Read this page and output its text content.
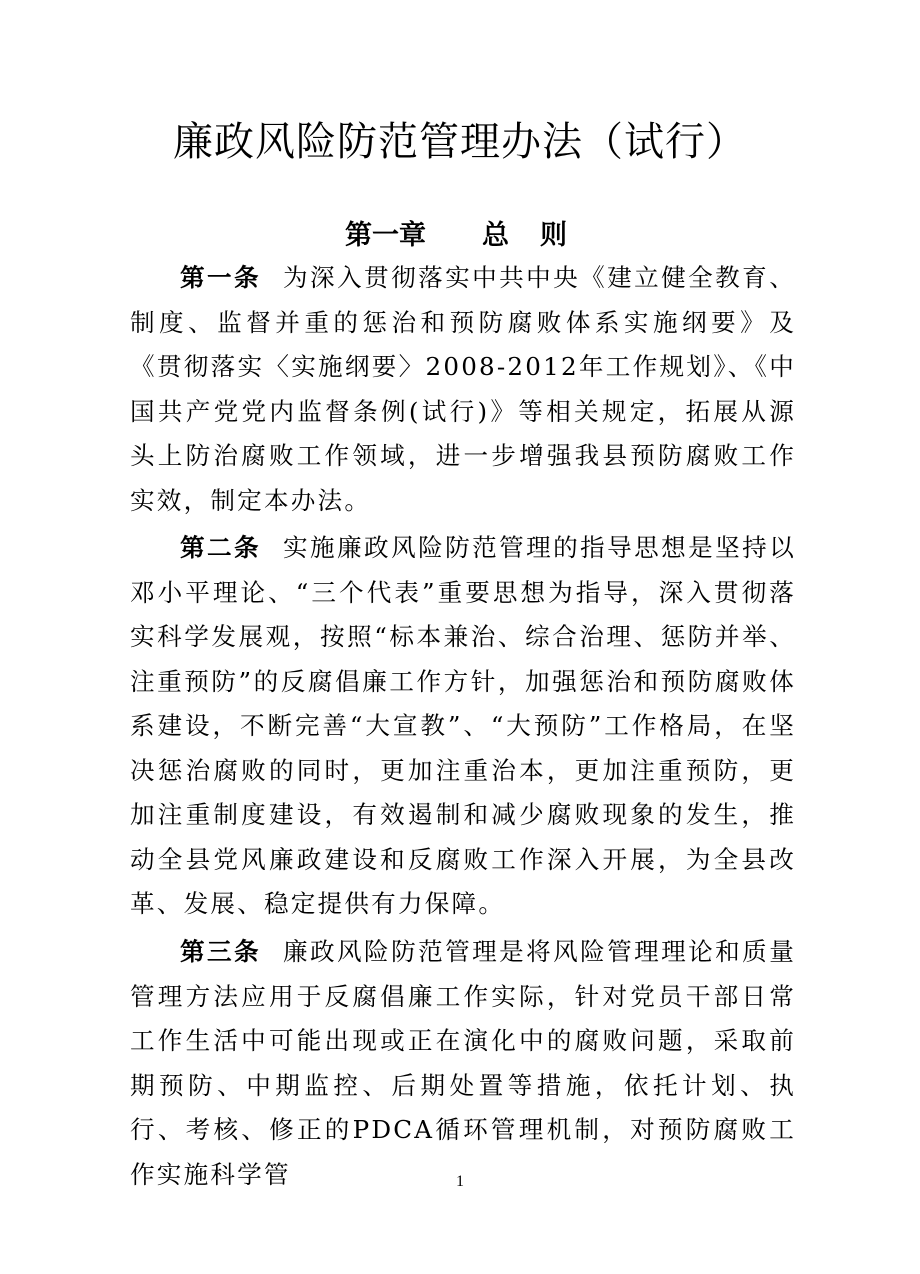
廉政风险防范管理办法（试行）
第一章 总 则

第一条 为深入贯彻落实中共中央《建立健全教育、制度、监督并重的惩治和预防腐败体系实施纲要》及《贯彻落实〈实施纲要〉2008-2012年工作规划》、《中国共产党党内监督条例(试行)》等相关规定，拓展从源头上防治腐败工作领域，进一步增强我县预防腐败工作实效，制定本办法。

第二条 实施廉政风险防范管理的指导思想是坚持以邓小平理论、“三个代表”重要思想为指导，深入贯彻落实科学发展观，按照“标本兼治、综合治理、惩防并举、注重预防”的反腐倡廉工作方针，加强惩治和预防腐败体系建设，不断完善“大宣教”、“大预防”工作格局，在坚决惩治腐败的同时，更加注重治本，更加注重预防，更加注重制度建设，有效遏制和减少腐败现象的发生，推动全县党风廉政建设和反腐败工作深入开展，为全县改革、发展、稳定提供有力保障。

第三条 廉政风险防范管理是将风险管理理论和质量管理方法应用于反腐倡廉工作实际，针对党员干部日常工作生活中可能出现或正在演化中的腐败问题，采取前期预防、中期监控、后期处置等措施，依托计划、执行、考核、修正的PDCA循环管理机制，对预防腐败工作实施科学管	1
